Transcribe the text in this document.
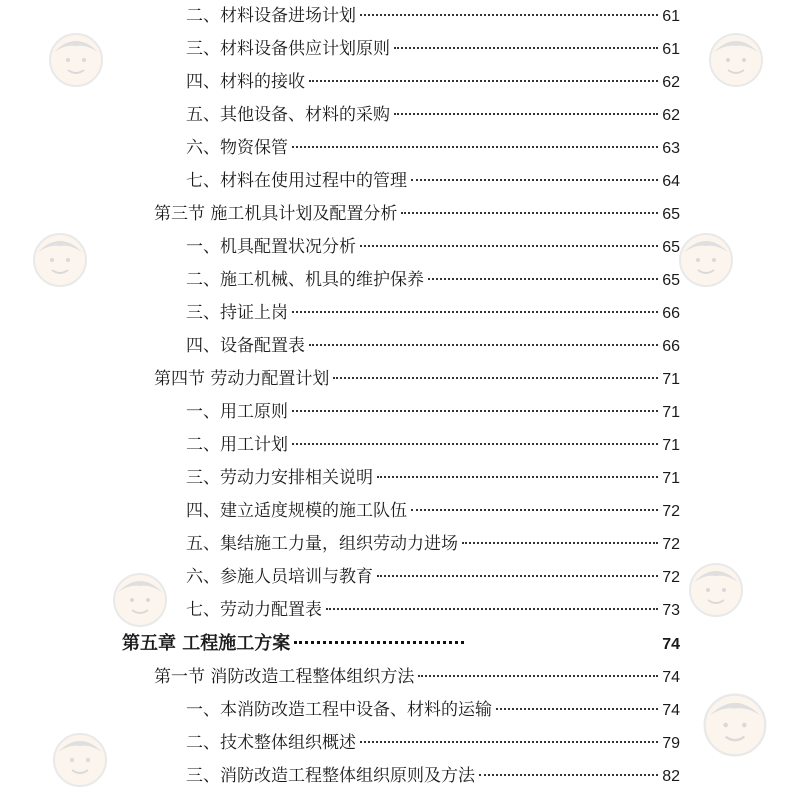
二、材料设备进场计划	61
三、材料设备供应计划原则	61
四、材料的接收	62
五、其他设备、材料的采购	62
六、物资保管	63
七、材料在使用过程中的管理	64
第三节 施工机具计划及配置分析	65
一、机具配置状况分析	65
二、施工机械、机具的维护保养	65
三、持证上岗	66
四、设备配置表	66
第四节 劳动力配置计划	71
一、用工原则	71
二、用工计划	71
三、劳动力安排相关说明	71
四、建立适度规模的施工队伍	72
五、集结施工力量，组织劳动力进场	72
六、参施人员培训与教育	72
七、劳动力配置表	73
第五章 工程施工方案	74
第一节 消防改造工程整体组织方法	74
一、本消防改造工程中设备、材料的运输	74
二、技术整体组织概述	79
三、消防改造工程整体组织原则及方法	82
